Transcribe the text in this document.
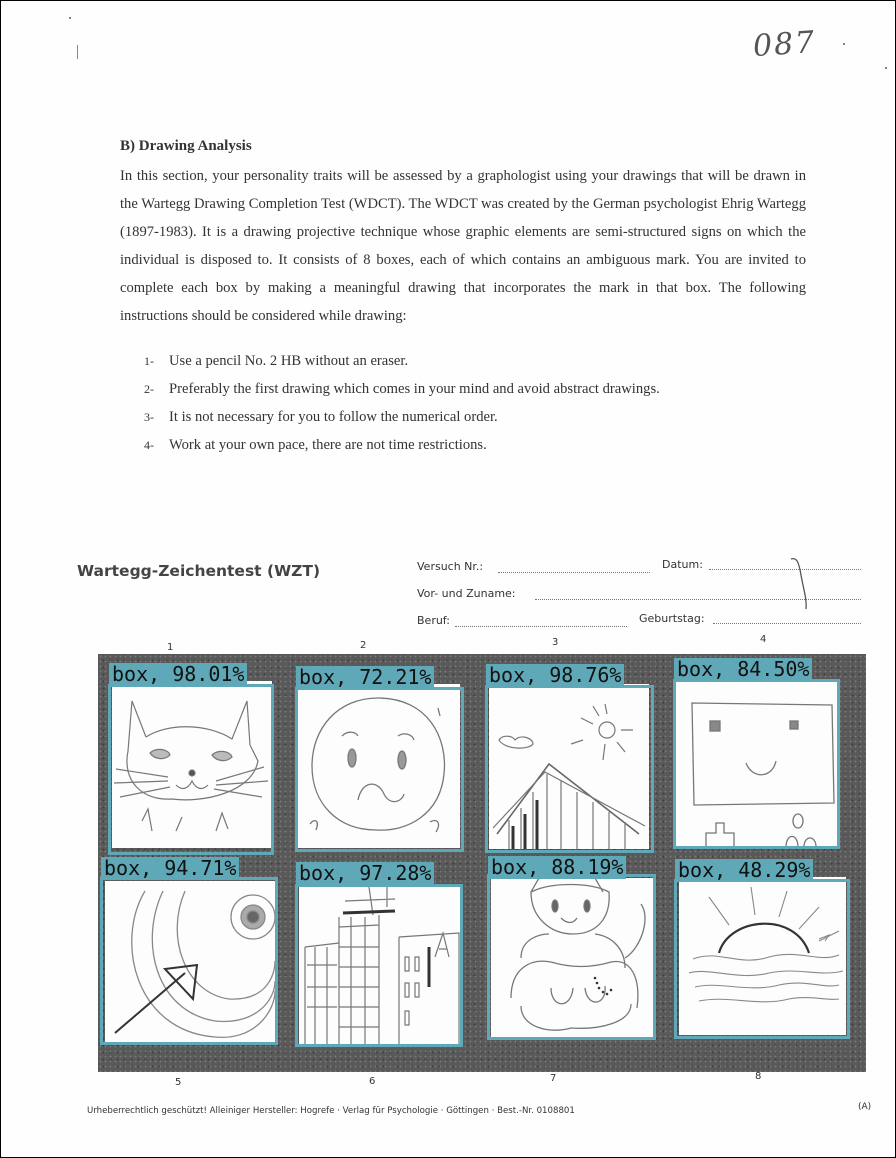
087
B) Drawing Analysis
In this section, your personality traits will be assessed by a graphologist using your drawings that will be drawn in the Wartegg Drawing Completion Test (WDCT). The WDCT was created by the German psychologist Ehrig Wartegg (1897-1983). It is a drawing projective technique whose graphic elements are semi-structured signs on which the individual is disposed to. It consists of 8 boxes, each of which contains an ambiguous mark. You are invited to complete each box by making a meaningful drawing that incorporates the mark in that box. The following instructions should be considered while drawing:
1-	Use a pencil No. 2 HB without an eraser.
2-	Preferably the first drawing which comes in your mind and avoid abstract drawings.
3-	It is not necessary for you to follow the numerical order.
4-	Work at your own pace, there are not time restrictions.
Wartegg-Zeichentest (WZT)	Versuch Nr.:	Datum:
Vor- und Zuname:
Beruf:	Geburtstag:
1	2	3	4
box, 98.01%	box, 72.21%	box, 98.76%	box, 84.50%
box, 94.71%	box, 97.28%	box, 88.19%	box, 48.29%
5	6	7	8
Urheberrechtlich geschützt! Alleiniger Hersteller: Hogrefe · Verlag für Psychologie · Göttingen · Best.-Nr. 0108801	(A)
